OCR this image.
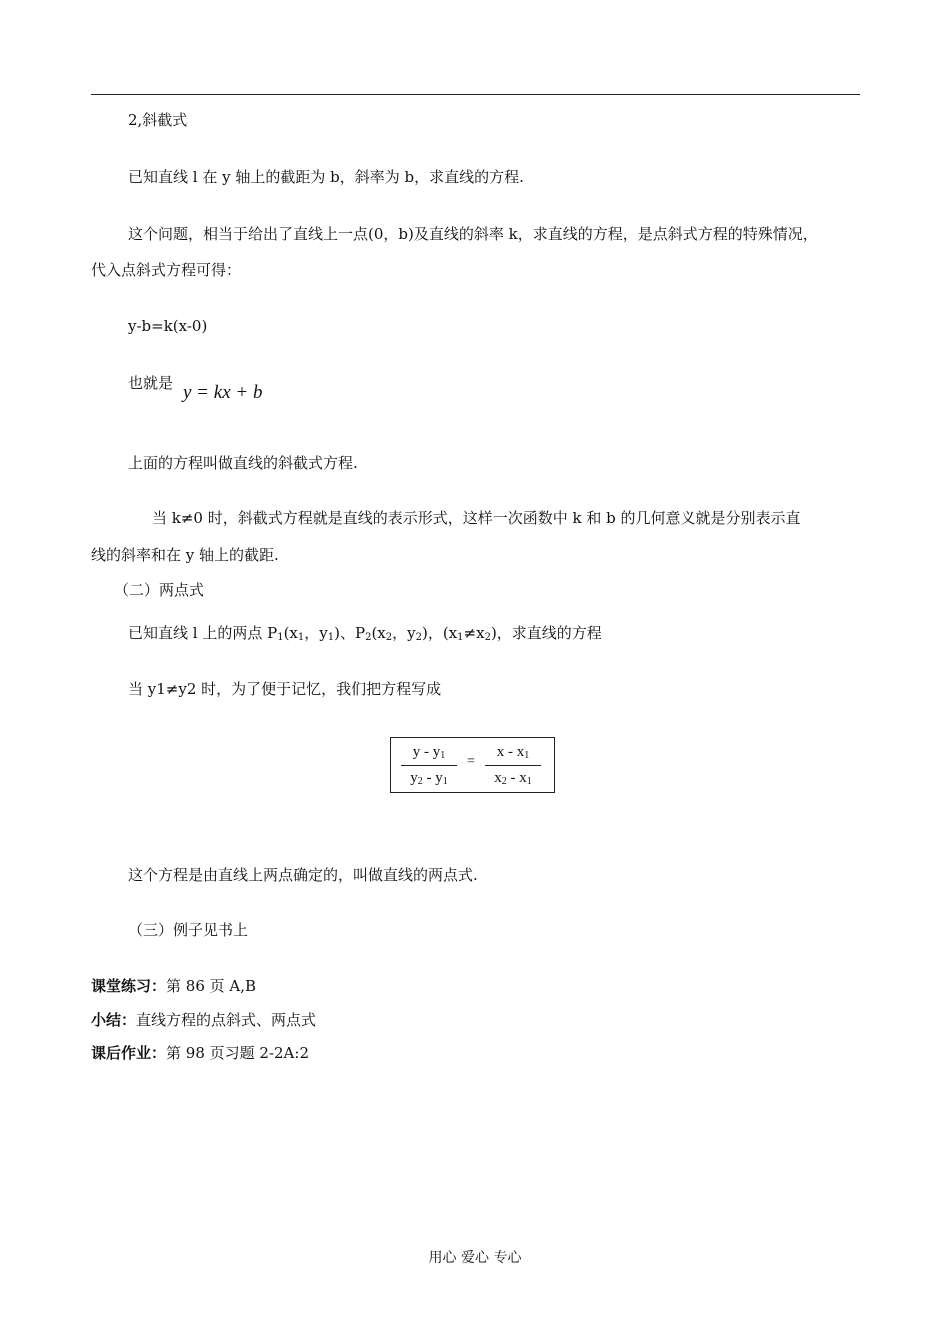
2,斜截式
已知直线 l 在 y 轴上的截距为 b，斜率为 b，求直线的方程.
这个问题，相当于给出了直线上一点(0，b)及直线的斜率 k，求直线的方程，是点斜式方程的特殊情况，
代入点斜式方程可得：
y-b=k(x-0)
也就是 y = kx + b
上面的方程叫做直线的斜截式方程.
当 k≠0 时，斜截式方程就是直线的表示形式，这样一次函数中 k 和 b 的几何意义就是分别表示直
线的斜率和在 y 轴上的截距.
（二）两点式
已知直线 l 上的两点 $P_1(x_1$，$y_1$)、$P_2(x_2$，$y_2$)，$(x_1\ne x_2)$，求直线的方程
当 y1≠y2 时，为了便于记忆，我们把方程写成
y - $y_1$
$y_2 - y_1$
=
x - $x_1$
$x_2 - x_1$
这个方程是由直线上两点确定的，叫做直线的两点式.
（三）例子见书上
课堂练习：第 86 页 A,B
小结：直线方程的点斜式、两点式
课后作业：第 98 页习题 2-2A:2
用心 爱心 专心
